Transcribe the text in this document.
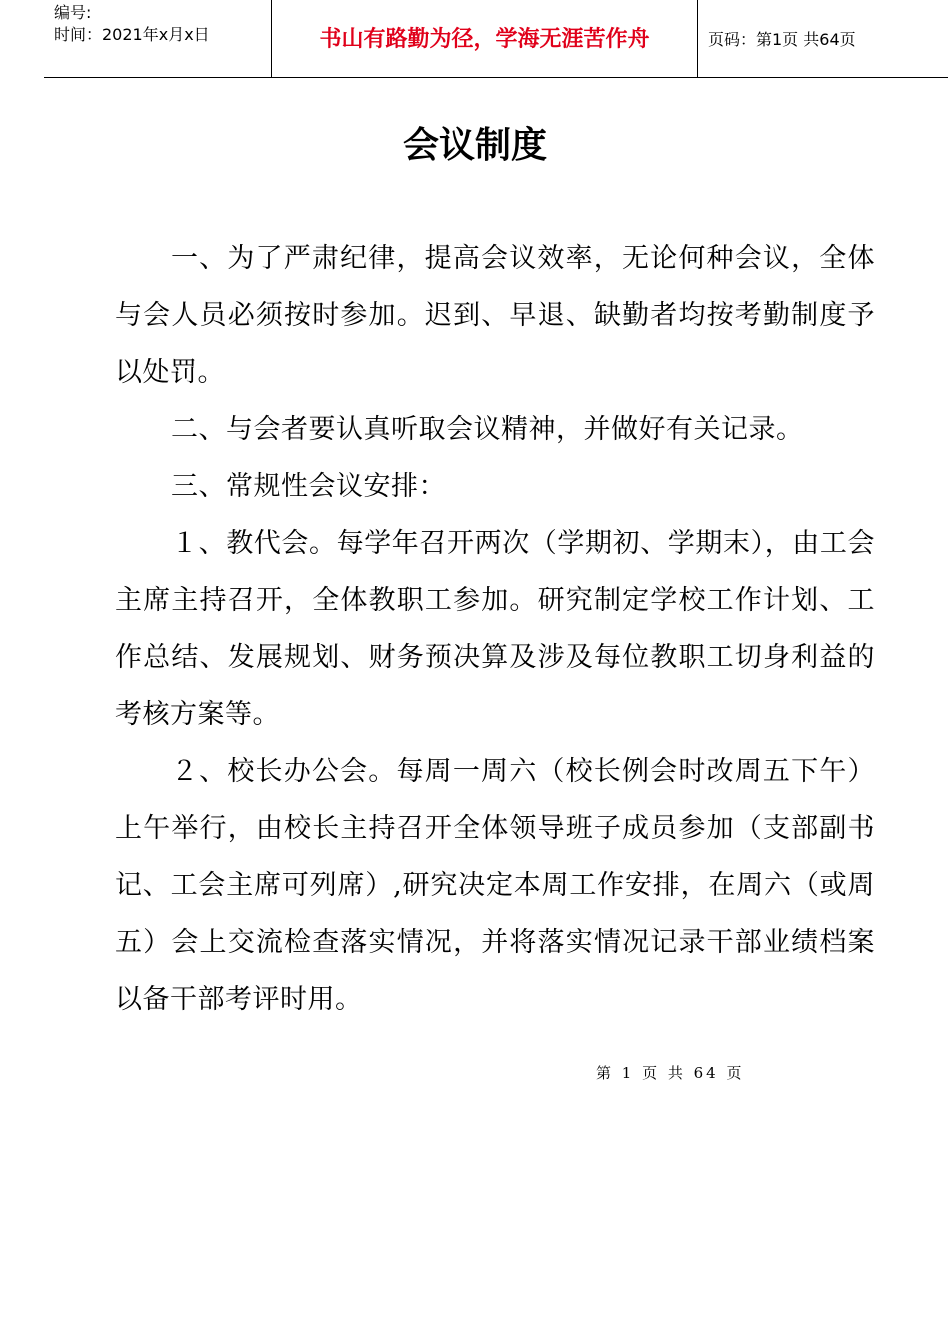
编号:
时间：2021年x月x日	书山有路勤为径，学海无涯苦作舟	页码：第1页 共64页
会议制度

一、为了严肃纪律，提高会议效率，无论何种会议，全体与会人员必须按时参加。迟到、早退、缺勤者均按考勤制度予以处罚。

二、与会者要认真听取会议精神，并做好有关记录。

三、常规性会议安排：

１、教代会。每学年召开两次（学期初、学期末），由工会主席主持召开，全体教职工参加。研究制定学校工作计划、工作总结、发展规划、财务预决算及涉及每位教职工切身利益的考核方案等。

２、校长办公会。每周一周六（校长例会时改周五下午）上午举行，由校长主持召开全体领导班子成员参加（支部副书记、工会主席可列席）,研究决定本周工作安排，在周六（或周五）会上交流检查落实情况，并将落实情况记录干部业绩档案以备干部考评时用。

第 1 页 共 64 页
